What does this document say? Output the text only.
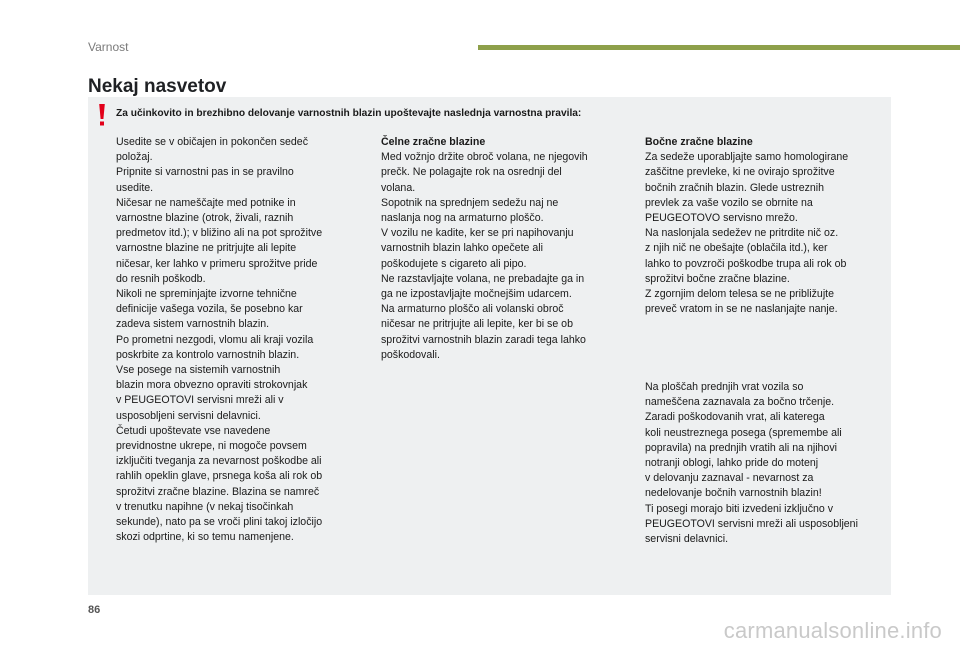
Varnost
Nekaj nasvetov
Za učinkovito in brezhibno delovanje varnostnih blazin upoštevajte naslednja varnostna pravila:

Usedite se v običajen in pokončen sedeč

položaj.

Pripnite si varnostni pas in se pravilno

usedite.

Ničesar ne nameščajte med potnike in

varnostne blazine (otrok, živali, raznih

predmetov itd.); v bližino ali na pot sprožitve

varnostne blazine ne pritrjujte ali lepite

ničesar, ker lahko v primeru sprožitve pride

do resnih poškodb.

Nikoli ne spreminjajte izvorne tehnične

definicije vašega vozila, še posebno kar

zadeva sistem varnostnih blazin.

Po prometni nezgodi, vlomu ali kraji vozila

poskrbite za kontrolo varnostnih blazin.

Vse posege na sistemih varnostnih

blazin mora obvezno opraviti strokovnjak

v PEUGEOTOVI servisni mreži ali v

usposobljeni servisni delavnici.

Četudi upoštevate vse navedene

previdnostne ukrepe, ni mogoče povsem

izključiti tveganja za nevarnost poškodbe ali

rahlih opeklin glave, prsnega koša ali rok ob

sprožitvi zračne blazine. Blazina se namreč

v trenutku napihne (v nekaj tisočinkah

sekunde), nato pa se vroči plini takoj izločijo

skozi odprtine, ki so temu namenjene.

Čelne zračne blazine

Med vožnjo držite obroč volana, ne njegovih

prečk. Ne polagajte rok na osrednji del

volana.

Sopotnik na sprednjem sedežu naj ne

naslanja nog na armaturno ploščo.

V vozilu ne kadite, ker se pri napihovanju

varnostnih blazin lahko opečete ali

poškodujete s cigareto ali pipo.

Ne razstavljajte volana, ne prebadajte ga in

ga ne izpostavljajte močnejšim udarcem.

Na armaturno ploščo ali volanski obroč

ničesar ne pritrjujte ali lepite, ker bi se ob

sprožitvi varnostnih blazin zaradi tega lahko

poškodovali.

Bočne zračne blazine

Za sedeže uporabljajte samo homologirane

zaščitne prevleke, ki ne ovirajo sprožitve

bočnih zračnih blazin. Glede ustreznih

prevlek za vaše vozilo se obrnite na

PEUGEOTOVO servisno mrežo.

Na naslonjala sedežev ne pritrdite nič oz.

z njih nič ne obešajte (oblačila itd.), ker

lahko to povzroči poškodbe trupa ali rok ob

sprožitvi bočne zračne blazine.

Z zgornjim delom telesa se ne približujte

preveč vratom in se ne naslanjajte nanje.

Na ploščah prednjih vrat vozila so

nameščena zaznavala za bočno trčenje.

Zaradi poškodovanih vrat, ali katerega

koli neustreznega posega (spremembe ali

popravila) na prednjih vratih ali na njihovi

notranji oblogi, lahko pride do motenj

v delovanju zaznaval - nevarnost za

nedelovanje bočnih varnostnih blazin!

Ti posegi morajo biti izvedeni izključno v

PEUGEOTOVI servisni mreži ali usposobljeni

servisni delavnici.

86
carmanualsonline.info
